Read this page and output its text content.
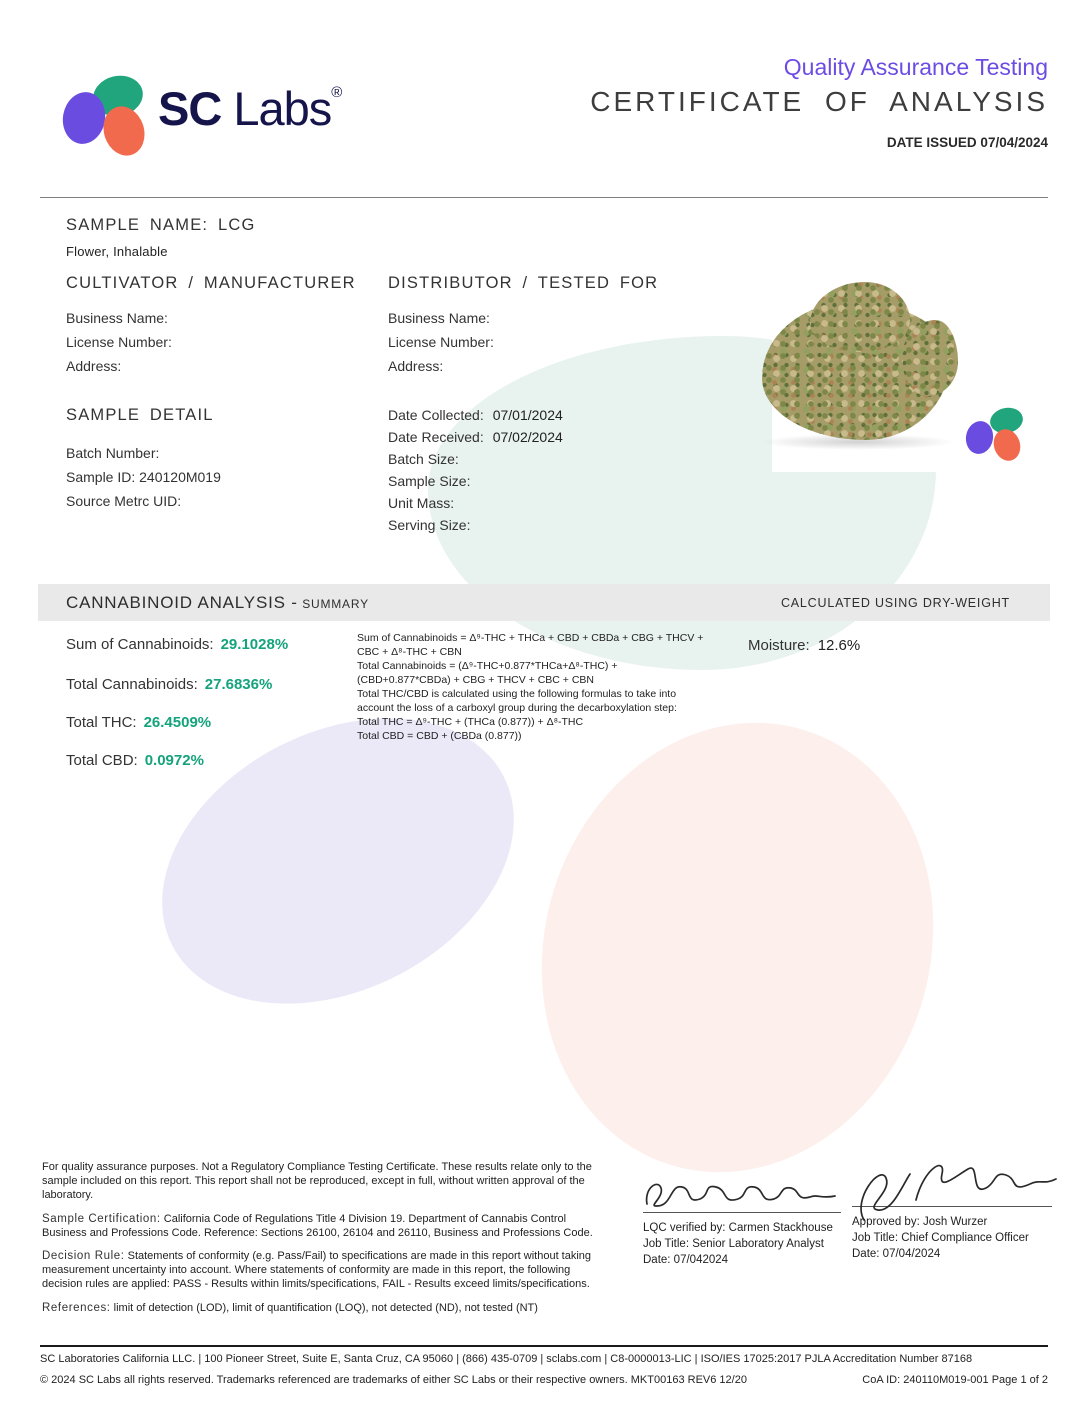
SC Labs®
Quality Assurance Testing
CERTIFICATE OF ANALYSIS
DATE ISSUED 07/04/2024
SAMPLE NAME: LCG
Flower, Inhalable
CULTIVATOR / MANUFACTURER
Business Name:
License Number:
Address:
DISTRIBUTOR / TESTED FOR
Business Name:
License Number:
Address:
SAMPLE DETAIL
Batch Number:
Sample ID: 240120M019
Source Metrc UID:
Date Collected: 07/01/2024
Date Received: 07/02/2024
Batch Size:
Sample Size:
Unit Mass:
Serving Size:
CANNABINOID ANALYSIS - SUMMARY	CALCULATED USING DRY-WEIGHT
Sum of Cannabinoids: 29.1028%
Total Cannabinoids: 27.6836%
Total THC: 26.4509%
Total CBD: 0.0972%
Sum of Cannabinoids = Δ⁹-THC + THCa + CBD + CBDa + CBG + THCV + CBC + Δ⁸-THC + CBN
Total Cannabinoids = (Δ⁹-THC+0.877*THCa+Δ⁸-THC) + (CBD+0.877*CBDa) + CBG + THCV + CBC + CBN
Total THC/CBD is calculated using the following formulas to take into account the loss of a carboxyl group during the decarboxylation step:
Total THC = Δ⁹-THC + (THCa (0.877)) + Δ⁸-THC
Total CBD = CBD + (CBDa (0.877))
Moisture: 12.6%

For quality assurance purposes. Not a Regulatory Compliance Testing Certificate. These results relate only to the sample included on this report. This report shall not be reproduced, except in full, without written approval of the laboratory.

Sample Certification: California Code of Regulations Title 4 Division 19. Department of Cannabis Control Business and Professions Code. Reference: Sections 26100, 26104 and 26110, Business and Professions Code.

Decision Rule: Statements of conformity (e.g. Pass/Fail) to specifications are made in this report without taking measurement uncertainty into account. Where statements of conformity are made in this report, the following decision rules are applied: PASS - Results within limits/specifications, FAIL - Results exceed limits/specifications.

References: limit of detection (LOD), limit of quantification (LOQ), not detected (ND), not tested (NT)

LQC verified by: Carmen Stackhouse
Job Title: Senior Laboratory Analyst
Date: 07/042024
Approved by: Josh Wurzer
Job Title: Chief Compliance Officer
Date: 07/04/2024
SC Laboratories California LLC. | 100 Pioneer Street, Suite E, Santa Cruz, CA 95060 | (866) 435-0709 | sclabs.com | C8-0000013-LIC | ISO/IES 17025:2017 PJLA Accreditation Number 87168
© 2024 SC Labs all rights reserved. Trademarks referenced are trademarks of either SC Labs or their respective owners. MKT00163 REV6 12/20	CoA ID: 240110M019-001 Page 1 of 2
